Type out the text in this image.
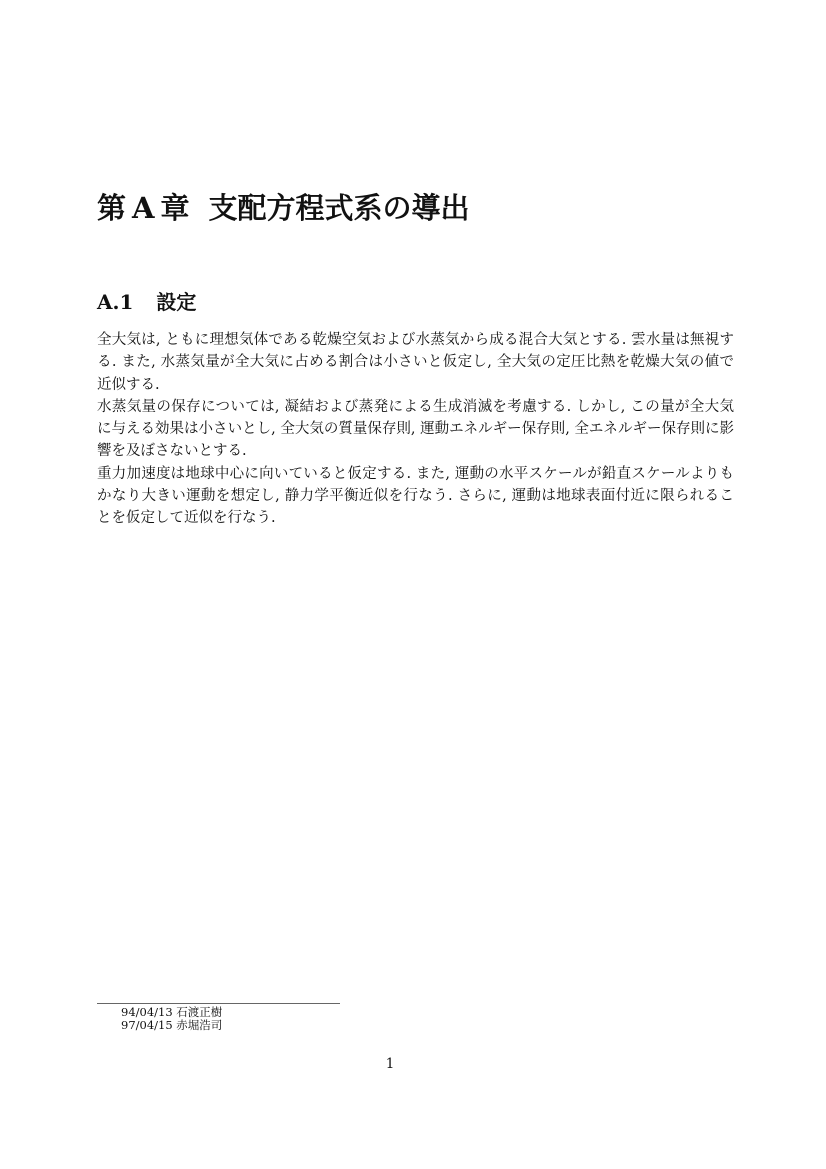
第 A 章 支配方程式系の導出
A.1 設定
全大気は, ともに理想気体である乾燥空気および水蒸気から成る混合大気とする. 雲水量は無視す
る. また, 水蒸気量が全大気に占める割合は小さいと仮定し, 全大気の定圧比熱を乾燥大気の値で
近似する.
水蒸気量の保存については, 凝結および蒸発による生成消滅を考慮する. しかし, この量が全大気
に与える効果は小さいとし, 全大気の質量保存則, 運動エネルギー保存則, 全エネルギー保存則に影
響を及ぼさないとする.
重力加速度は地球中心に向いていると仮定する. また, 運動の水平スケールが鉛直スケールよりも
かなり大きい運動を想定し, 静力学平衡近似を行なう. さらに, 運動は地球表面付近に限られるこ
とを仮定して近似を行なう.
94/04/13 石渡正樹
97/04/15 赤堀浩司
1
